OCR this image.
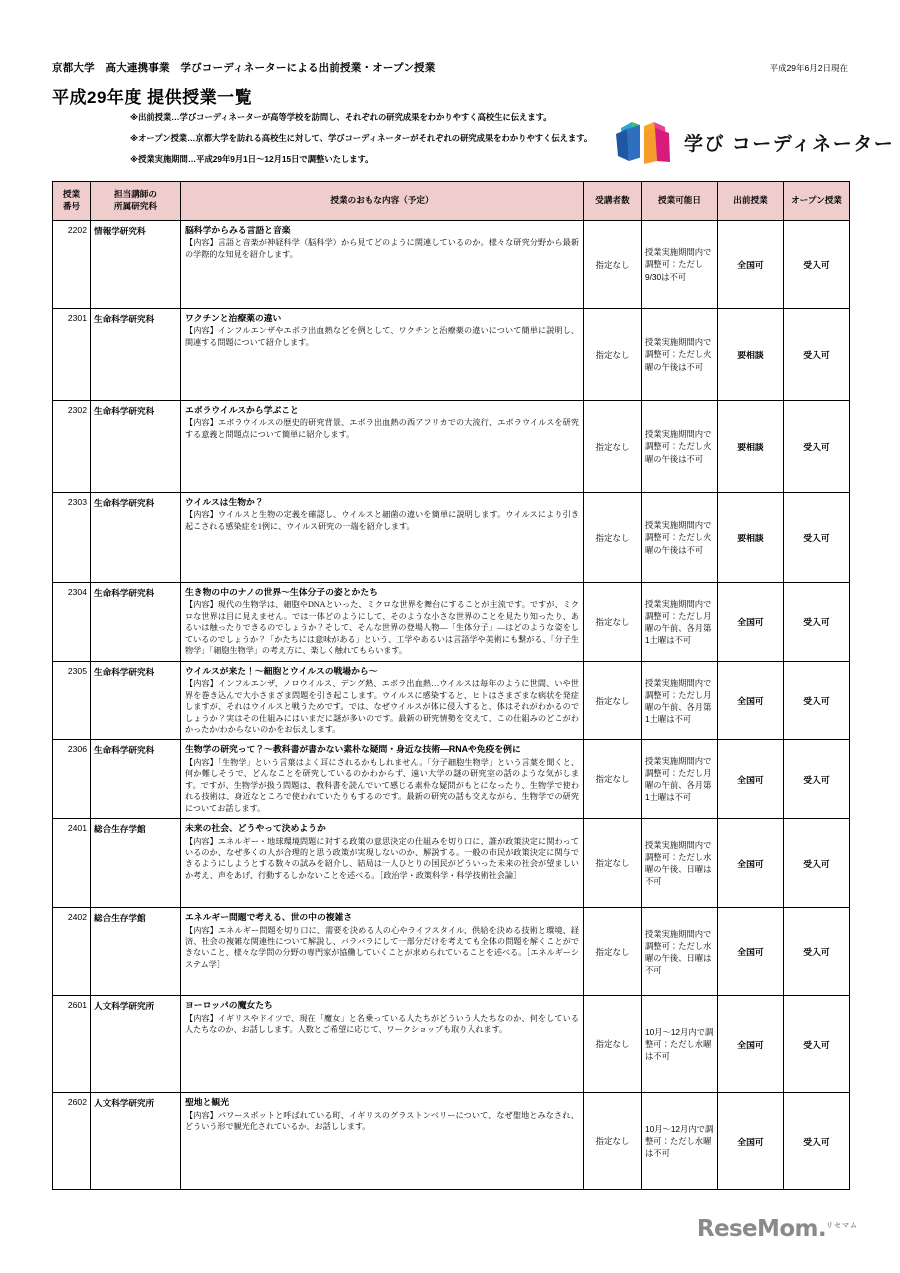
京都大学　高大連携事業　学びコーディネーターによる出前授業・オープン授業	平成29年6月2日現在
平成29年度 提供授業一覧
※出前授業…学びコーディネーターが高等学校を訪問し、それぞれの研究成果をわかりやすく高校生に伝えます。
※オープン授業…京都大学を訪れる高校生に対して、学びコーディネーターがそれぞれの研究成果をわかりやすく伝えます。
※授業実施期間…平成29年9月1日～12月15日で調整いたします。
学び コーディネーター
授業
番号	担当講師の
所属研究科	授業のおもな内容（予定）	受講者数	授業可能日	出前授業	オープン授業
2202	情報学研究科	脳科学からみる言語と音楽
【内容】言語と音楽が神経科学（脳科学）から見てどのように関連しているのか。様々な研究分野から最新の学際的な知見を紹介します。	指定なし	授業実施期間内で調整可：ただし9/30は不可	全国可	受入可
2301	生命科学研究科	ワクチンと治療薬の違い
【内容】インフルエンザやエボラ出血熱などを例として、ワクチンと治療薬の違いについて簡単に説明し、関連する問題について紹介します。	指定なし	授業実施期間内で調整可：ただし火曜の午後は不可	要相談	受入可
2302	生命科学研究科	エボラウイルスから学ぶこと
【内容】エボラウイルスの歴史的研究背景、エボラ出血熱の西アフリカでの大流行、エボラウイルスを研究する意義と問題点について簡単に紹介します。	指定なし	授業実施期間内で調整可：ただし火曜の午後は不可	要相談	受入可
2303	生命科学研究科	ウイルスは生物か？
【内容】ウイルスと生物の定義を確認し、ウイルスと細菌の違いを簡単に説明します。ウイルスにより引き起こされる感染症を1例に、ウイルス研究の一端を紹介します。	指定なし	授業実施期間内で調整可：ただし火曜の午後は不可	要相談	受入可
2304	生命科学研究科	生き物の中のナノの世界～生体分子の姿とかたち
【内容】現代の生物学は、細胞やDNAといった、ミクロな世界を舞台にすることが主流です。ですが、ミクロな世界は目に見えません。では一体どのようにして、そのような小さな世界のことを見たり知ったり、あるいは触ったりできるのでしょうか？そして、そんな世界の登場人物―「生体分子」―はどのような姿をしているのでしょうか？「かたちには意味がある」という、工学やあるいは言語学や美術にも繋がる、「分子生物学」「細胞生物学」の考え方に、楽しく触れてもらいます。	指定なし	授業実施期間内で調整可：ただし月曜の午前、各月第1土曜は不可	全国可	受入可
2305	生命科学研究科	ウイルスが来た！～細胞とウイルスの戦場から～
【内容】インフルエンザ、ノロウイルス、デング熱、エボラ出血熱…ウイルスは毎年のように世間、いや世界を巻き込んで大小さまざま問題を引き起こします。ウイルスに感染すると、ヒトはさまざまな病状を発症しますが、それはウイルスと戦うためです。では、なぜウイルスが体に侵入すると、体はそれがわかるのでしょうか？実はその仕組みにはいまだに謎が多いのです。最新の研究情勢を交えて、この仕組みのどこがわかったか/わからないのかをお伝えします。	指定なし	授業実施期間内で調整可：ただし月曜の午前、各月第1土曜は不可	全国可	受入可
2306	生命科学研究科	生物学の研究って？～教科書が書かない素朴な疑問・身近な技術―RNAや免疫を例に
【内容】「生物学」という言葉はよく耳にされるかもしれません。「分子細胞生物学」という言葉を聞くと、何か難しそうで、どんなことを研究しているのかわからず、遠い大学の謎の研究室の話のような気がします。ですが、生物学が扱う問題は、教科書を読んでいて感じる素朴な疑問がもとになったり、生物学で使われる技術は、身近なところで使われていたりもするのです。最新の研究の話も交えながら、生物学での研究についてお話します。	指定なし	授業実施期間内で調整可：ただし月曜の午前、各月第1土曜は不可	全国可	受入可
2401	総合生存学館	未来の社会、どうやって決めようか
【内容】エネルギー・地球環境問題に対する政策の意思決定の仕組みを切り口に、誰が政策決定に関わっているのか、なぜ多くの人が合理的と思う政策が実現しないのか、解説する。一般の市民が政策決定に関与できるようにしようとする数々の試みを紹介し、結局は一人ひとりの国民がどういった未来の社会が望ましいか考え、声をあげ、行動するしかないことを述べる。［政治学・政策科学・科学技術社会論］	指定なし	授業実施期間内で調整可：ただし水曜の午後、日曜は不可	全国可	受入可
2402	総合生存学館	エネルギー問題で考える、世の中の複雑さ
【内容】エネルギー問題を切り口に、需要を決める人の心やライフスタイル、供給を決める技術と環境、経済、社会の複雑な関連性について解説し、バラバラにして一部分だけを考えても全体の問題を解くことができないこと、様々な学問の分野の専門家が協働していくことが求められていることを述べる。［エネルギーシステム学］	指定なし	授業実施期間内で調整可：ただし水曜の午後、日曜は不可	全国可	受入可
2601	人文科学研究所	ヨーロッパの魔女たち
【内容】イギリスやドイツで、現在「魔女」と名乗っている人たちがどういう人たちなのか、何をしている人たちなのか、お話しします。人数とご希望に応じて、ワークショップも取り入れます。	指定なし	10月～12月内で調整可：ただし水曜は不可	全国可	受入可
2602	人文科学研究所	聖地と観光
【内容】パワースポットと呼ばれている町、イギリスのグラストンベリーについて、なぜ聖地とみなされ、どういう形で観光化されているか、お話しします。	指定なし	10月～12月内で調整可：ただし水曜は不可	全国可	受入可
ReseMom.$^{リセマム}$
